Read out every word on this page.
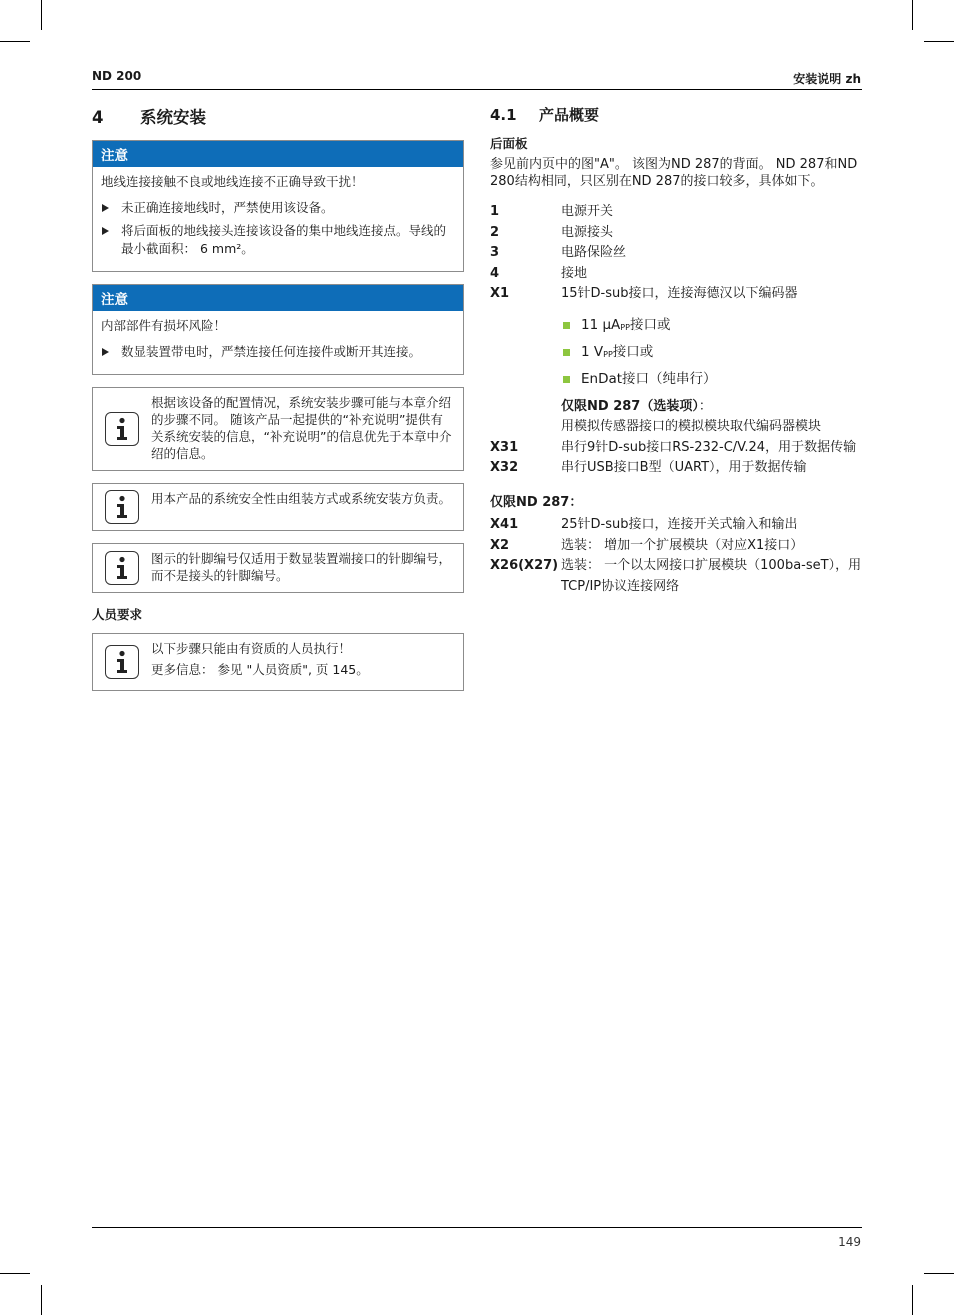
ND 200	安装说明 zh
4 系统安装
注意

地线连接接触不良或地线连接不正确导致干扰！

未正确连接地线时，严禁使用该设备。
将后面板的地线接头连接该设备的集中地线连接点。导线的最小截面积： 6 mm²。
注意

内部部件有损坏风险！

数显装置带电时，严禁连接任何连接件或断开其连接。
根据该设备的配置情况，系统安装步骤可能与本章介绍的步骤不同。 随该产品一起提供的“补充说明”提供有关系统安装的信息，“补充说明”的信息优先于本章中介绍的信息。
用本产品的系统安全性由组装方式或系统安装方负责。
图示的针脚编号仅适用于数显装置端接口的针脚编号，而不是接头的针脚编号。
人员要求

以下步骤只能由有资质的人员执行！

更多信息： 参见 "人员资质", 页 145。

4.1 产品概要
后面板

参见前内页中的图"A"。 该图为ND 287的背面。 ND 287和ND 280结构相同，只区别在ND 287的接口较多，具体如下。

1	电源开关
2	电源接头
3	电路保险丝
4	接地
X1	15针D-sub接口，连接海德汉以下编码器
11 $\mu A_{PP}$接口或
1 $V_{PP}$接口或
EnDat接口（纯串行）
仅限ND 287（选装项）：
用模拟传感器接口的模拟模块取代编码器模块
X31	串行9针D-sub接口RS-232-C/V.24，用于数据传输
X32	串行USB接口B型（UART），用于数据传输
仅限ND 287：
X41	25针D-sub接口，连接开关式输入和输出
X2	选装： 增加一个扩展模块（对应X1接口）
X26(X27) 选装： 一个以太网接口扩展模块（100ba-seT），用TCP/IP协议连接网络
149
